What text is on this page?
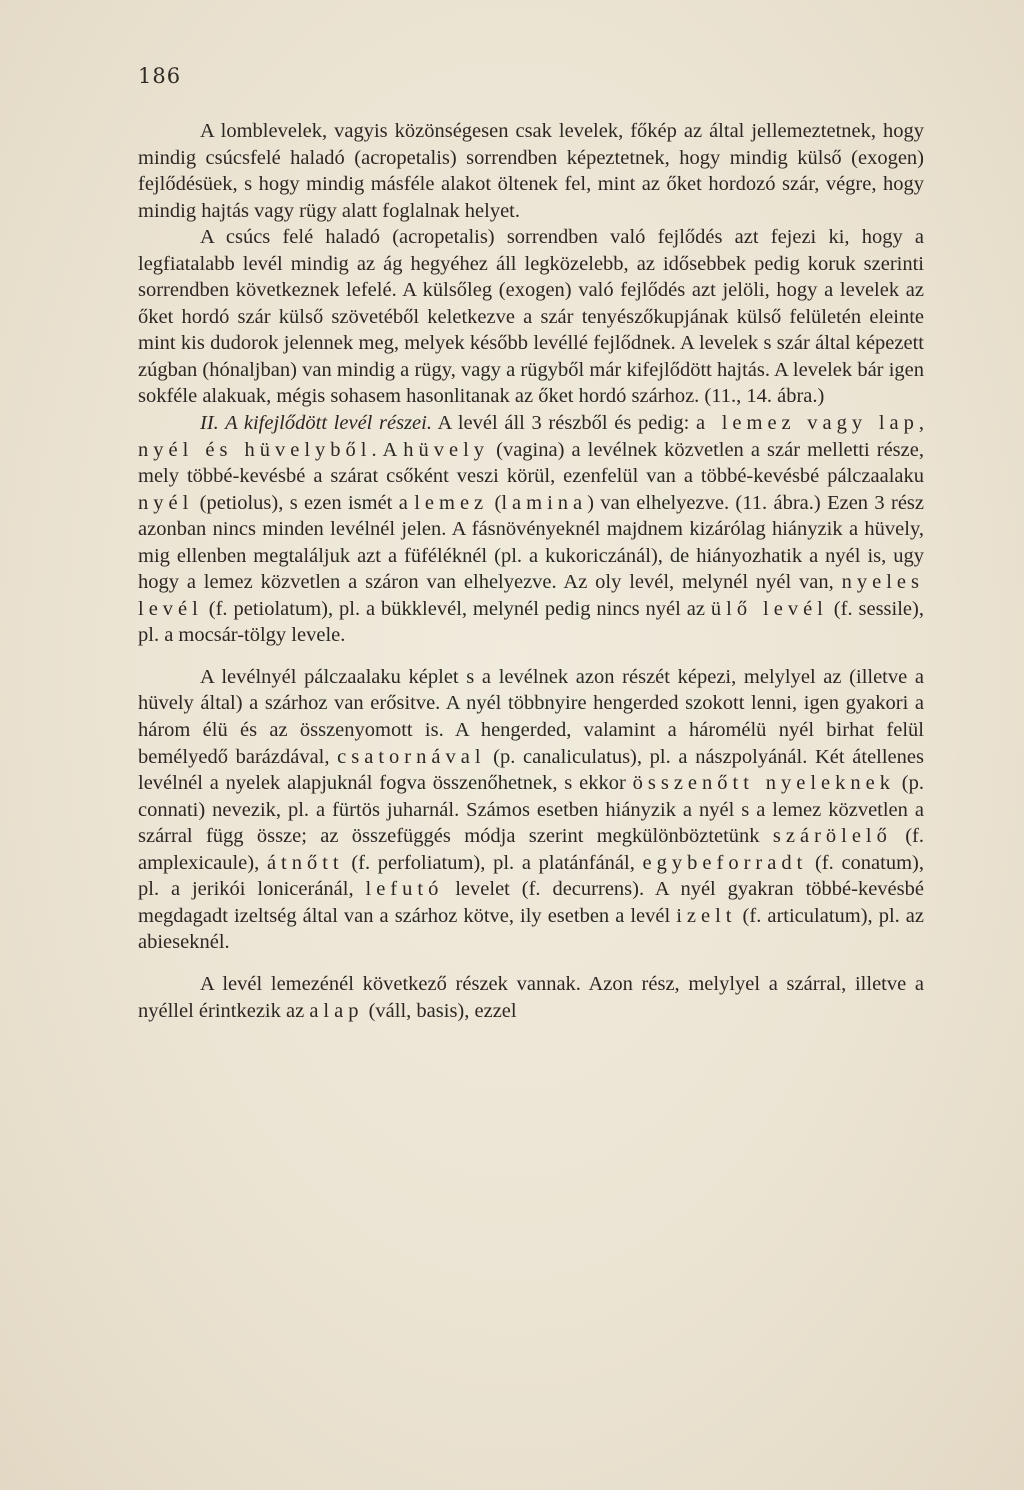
186

A lomblevelek, vagyis közönségesen csak levelek, főkép az által jellemeztetnek, hogy mindig csúcsfelé haladó (acropetalis) sorrendben képeztetnek, hogy mindig külső (exogen) fejlődésüek, s hogy mindig másféle alakot öltenek fel, mint az őket hordozó szár, végre, hogy mindig hajtás vagy rügy alatt foglalnak helyet.

A csúcs felé haladó (acropetalis) sorrendben való fejlődés azt fejezi ki, hogy a legfiatalabb levél mindig az ág hegyéhez áll legközelebb, az idősebbek pedig koruk szerinti sorrendben következnek lefelé. A külsőleg (exogen) való fejlődés azt jelöli, hogy a levelek az őket hordó szár külső szövetéből keletkezve a szár tenyészőkupjának külső felületén eleinte mint kis dudorok jelennek meg, melyek később levéllé fejlődnek. A levelek s szár által képezett zúgban (hónaljban) van mindig a rügy, vagy a rügyből már kifejlődött hajtás. A levelek bár igen sokféle alakuak, mégis sohasem hasonlitanak az őket hordó szárhoz. (11., 14. ábra.)

II. A kifejlődött levél részei. A levél áll 3 részből és pedig: a lemez vagy lap, nyél és hüvelyből. A hüvely (vagina) a levélnek közvetlen a szár melletti része, mely többé-kevésbé a szárat csőként veszi körül, ezenfelül van a többé-kevésbé pálczaalaku nyél (petiolus), s ezen ismét a lemez (lamina) van elhelyezve. (11. ábra.) Ezen 3 rész azonban nincs minden levélnél jelen. A fásnövényeknél majdnem kizárólag hiányzik a hüvely, mig ellenben megtaláljuk azt a füféléknél (pl. a kukoriczánál), de hiányozhatik a nyél is, ugy hogy a lemez közvetlen a száron van elhelyezve. Az oly levél, melynél nyél van, nyeles levél (f. petiolatum), pl. a bükklevél, melynél pedig nincs nyél az ülő levél (f. sessile), pl. a mocsár-tölgy levele.

A levélnyél pálczaalaku képlet s a levélnek azon részét képezi, melylyel az (illetve a hüvely által) a szárhoz van erősitve. A nyél többnyire hengerded szokott lenni, igen gyakori a három élü és az összenyomott is. A hengerded, valamint a háromélü nyél birhat felül bemélyedő barázdával, csatornával (p. canaliculatus), pl. a nászpolyánál. Két átellenes levélnél a nyelek alapjuknál fogva összenőhetnek, s ekkor összenőtt nyeleknek (p. connati) nevezik, pl. a fürtös juharnál. Számos esetben hiányzik a nyél s a lemez közvetlen a szárral függ össze; az összefüggés módja szerint megkülönböztetünk szárölelő (f. amplexicaule), átnőtt (f. perfoliatum), pl. a platánfánál, egybeforradt (f. conatum), pl. a jerikói loniceránál, lefutó levelet (f. decurrens). A nyél gyakran többé-kevésbé megdagadt izeltség által van a szárhoz kötve, ily esetben a levél izelt (f. articulatum), pl. az abieseknél.

A levél lemezénél következő részek vannak. Azon rész, melylyel a szárral, illetve a nyéllel érintkezik az alap (váll, basis), ezzel
